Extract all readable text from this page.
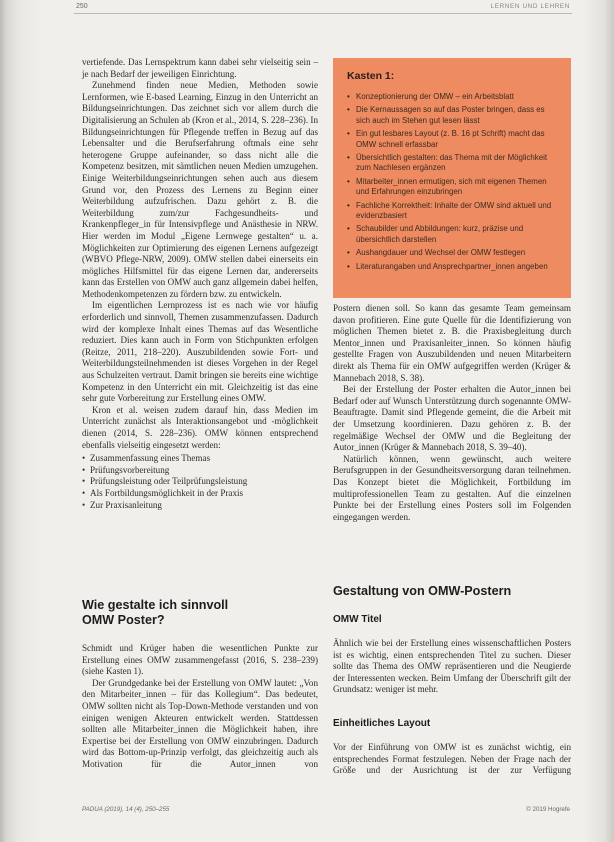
250	LERNEN UND LEHREN

vertiefende. Das Lernspektrum kann dabei sehr vielseitig sein – je nach Bedarf der jeweiligen Einrichtung.

Zunehmend finden neue Medien, Methoden sowie Lernformen, wie E-based Learning, Einzug in den Unterricht an Bildungseinrichtungen. Das zeichnet sich vor allem durch die Digitalisierung an Schulen ab (Kron et al., 2014, S. 228–236). In Bildungseinrichtungen für Pflegende treffen in Bezug auf das Lebensalter und die Berufserfahrung oftmals eine sehr heterogene Gruppe aufeinander, so dass nicht alle die Kompetenz besitzen, mit sämtlichen neuen Medien umzugehen. Einige Weiterbildungseinrichtungen sehen auch aus diesem Grund vor, den Prozess des Lernens zu Beginn einer Weiterbildung aufzufrischen. Dazu gehört z. B. die Weiterbildung zum/zur Fachgesundheits- und Krankenpfleger_in für Intensivpflege und Anästhesie in NRW. Hier werden im Modul „Eigene Lernwege gestalten“ u. a. Möglichkeiten zur Optimierung des eigenen Lernens aufgezeigt (WBVO Pflege-NRW, 2009). OMW stellen dabei einerseits ein mögliches Hilfsmittel für das eigene Lernen dar, andererseits kann das Erstellen von OMW auch ganz allgemein dabei helfen, Methodenkompetenzen zu fördern bzw. zu entwickeln.

Im eigentlichen Lernprozess ist es nach wie vor häufig erforderlich und sinnvoll, Themen zusammenzufassen. Dadurch wird der komplexe Inhalt eines Themas auf das Wesentliche reduziert. Dies kann auch in Form von Stichpunkten erfolgen (Reitze, 2011, 218–220). Auszubildenden sowie Fort- und Weiterbildungsteilnehmenden ist dieses Vorgehen in der Regel aus Schulzeiten vertraut. Damit bringen sie bereits eine wichtige Kompetenz in den Unterricht ein mit. Gleichzeitig ist das eine sehr gute Vorbereitung zur Erstellung eines OMW.

Kron et al. weisen zudem darauf hin, dass Medien im Unterricht zunächst als Interaktionsangebot und -möglichkeit dienen (2014, S. 228–236). OMW können entsprechend ebenfalls vielseitig eingesetzt werden:

• Zusammenfassung eines Themas
• Prüfungsvorbereitung
• Prüfungsleistung oder Teilprüfungsleistung
• Als Fortbildungsmöglichkeit in der Praxis
• Zur Praxisanleitung
Wie gestalte ich sinnvoll
OMW Poster?

Schmidt und Krüger haben die wesentlichen Punkte zur Erstellung eines OMW zusammengefasst (2016, S. 238–239) (siehe Kasten 1).

Der Grundgedanke bei der Erstellung von OMW lautet: „Von den Mitarbeiter_innen – für das Kollegium“. Das bedeutet, OMW sollten nicht als Top-Down-Methode verstanden und von einigen wenigen Akteuren entwickelt werden. Stattdessen sollten alle Mitarbeiter_innen die Möglichkeit haben, ihre Expertise bei der Erstellung von OMW einzubringen. Dadurch wird das Bottom-up-Prinzip verfolgt, das gleichzeitig auch als Motivation für die Autor_innen von

Kasten 1:
• Konzeptionierung der OMW – ein Arbeitsblatt
• Die Kernaussagen so auf das Poster bringen, dass es sich auch im Stehen gut lesen lässt
• Ein gut lesbares Layout (z. B. 16 pt Schrift) macht das OMW schnell erfassbar
• Übersichtlich gestalten: das Thema mit der Möglichkeit zum Nachlesen ergänzen
• Mitarbeiter_innen ermutigen, sich mit eigenen Themen und Erfahrungen einzubringen
• Fachliche Korrektheit: Inhalte der OMW sind aktuell und evidenzbasiert
• Schaubilder und Abbildungen: kurz, präzise und übersichtlich darstellen
• Aushangdauer und Wechsel der OMW festlegen
• Literaturangaben und Ansprechpartner_innen angeben

Postern dienen soll. So kann das gesamte Team gemeinsam davon profitieren. Eine gute Quelle für die Identifizierung von möglichen Themen bietet z. B. die Praxisbegleitung durch Mentor_innen und Praxisanleiter_innen. So können häufig gestellte Fragen von Auszubildenden und neuen Mitarbeitern direkt als Thema für ein OMW aufgegriffen werden (Krüger & Mannebach 2018, S. 38).

Bei der Erstellung der Poster erhalten die Autor_innen bei Bedarf oder auf Wunsch Unterstützung durch sogenannte OMW-Beauftragte. Damit sind Pflegende gemeint, die die Arbeit mit der Umsetzung koordinieren. Dazu gehören z. B. der regelmäßige Wechsel der OMW und die Begleitung der Autor_innen (Krüger & Mannebach 2018, S. 39–40).

Natürlich können, wenn gewünscht, auch weitere Berufsgruppen in der Gesundheitsversorgung daran teilnehmen. Das Konzept bietet die Möglichkeit, Fortbildung im multiprofessionellen Team zu gestalten. Auf die einzelnen Punkte bei der Erstellung eines Posters soll im Folgenden eingegangen werden.

Gestaltung von OMW-Postern
OMW Titel

Ähnlich wie bei der Erstellung eines wissenschaftlichen Posters ist es wichtig, einen entsprechenden Titel zu suchen. Dieser sollte das Thema des OMW repräsentieren und die Neugierde der Interessenten wecken. Beim Umfang der Überschrift gilt der Grundsatz: weniger ist mehr.

Einheitliches Layout

Vor der Einführung von OMW ist es zunächst wichtig, ein entsprechendes Format festzulegen. Neben der Frage nach der Größe und der Ausrichtung ist der zur Verfügung

PADUA (2019), 14 (4), 250–255	© 2019 Hogrefe
